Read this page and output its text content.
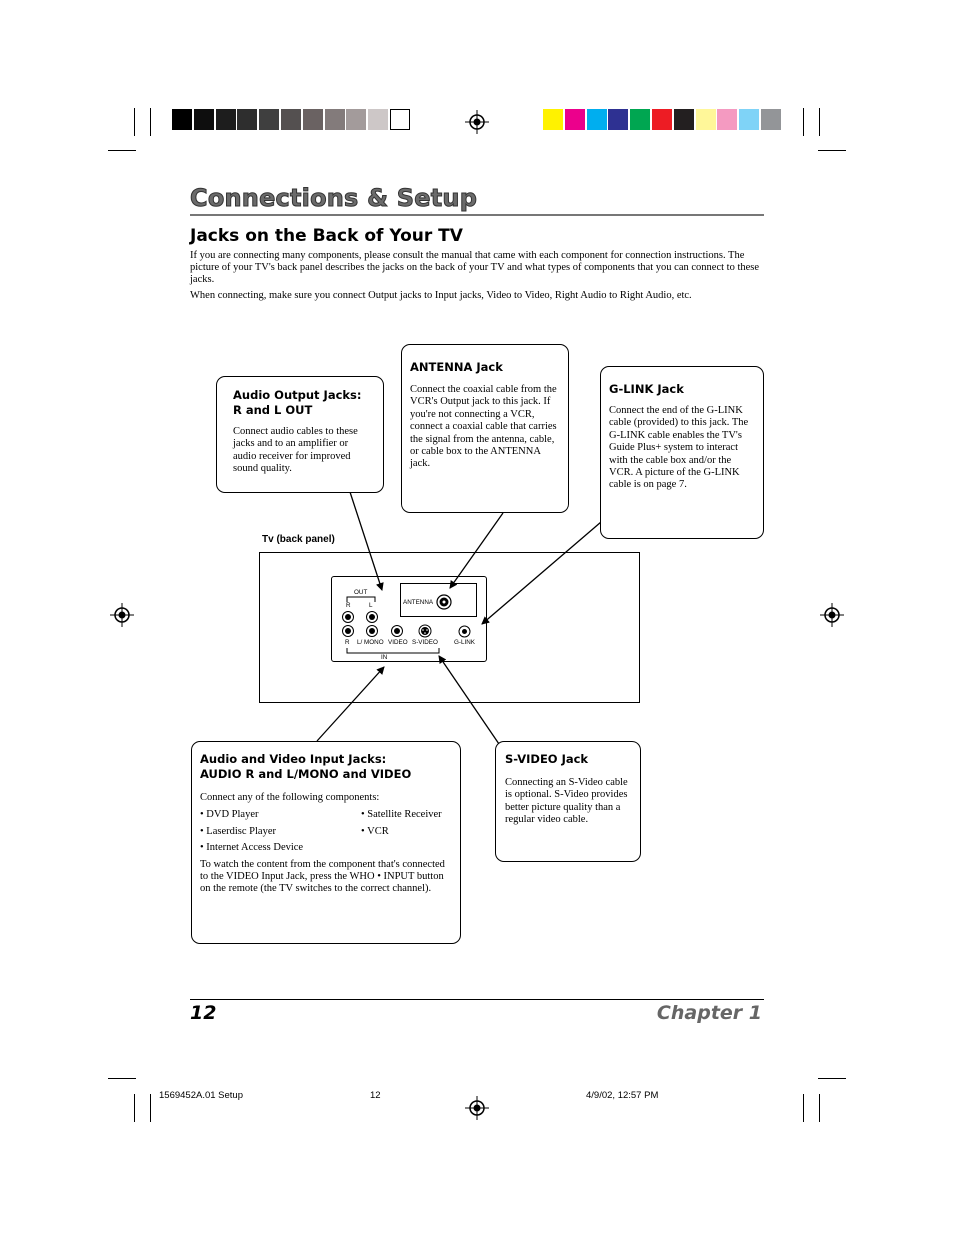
Connections & Setup
Jacks on the Back of Your TV

If you are connecting many components, please consult the manual that came with each component for connection instructions. The picture of your TV's back panel describes the jacks on the back of your TV and what types of components that you can connect to these jacks.

When connecting, make sure you connect Output jacks to Input jacks, Video to Video, Right Audio to Right Audio, etc.

Audio Output Jacks:
R and L OUT
Connect audio cables to these jacks and to an amplifier or audio receiver for improved sound quality.
ANTENNA Jack
Connect the coaxial cable from the VCR's Output jack to this jack. If you're not connecting a VCR, connect a coaxial cable that carries the signal from the antenna, cable, or cable box to the ANTENNA jack.
G-LINK Jack
Connect the end of the G-LINK cable (provided) to this jack. The G-LINK cable enables the TV's Guide Plus+ system to interact with the cable box and/or the VCR. A picture of the G-LINK cable is on page 7.
Tv (back panel)
OUT
R	L	ANTENNA
R L/ MONO VIDEO S-VIDEO	G-LINK
IN
Audio and Video Input Jacks:
AUDIO R and L/MONO and VIDEO

Connect any of the following components:

• DVD Player
• Laserdisc Player
• Internet Access Device
• Satellite Receiver
• VCR

To watch the content from the component that's connected to the VIDEO Input Jack, press the WHO • INPUT button on the remote (the TV switches to the correct channel).

S-VIDEO Jack
Connecting an S-Video cable is optional. S-Video provides better picture quality than a regular video cable.
12	Chapter 1
1569452A.01 Setup	12	4/9/02, 12:57 PM
